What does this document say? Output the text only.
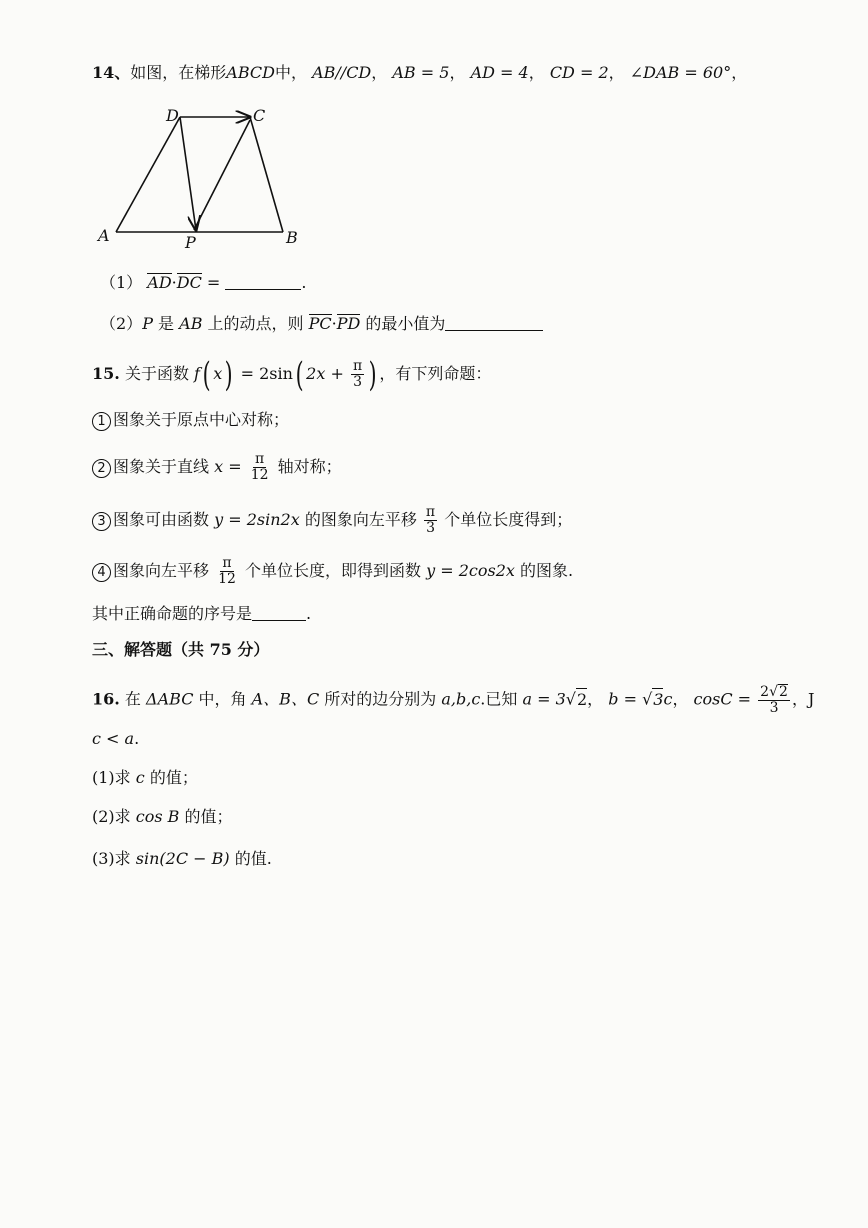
14、如图，在梯形ABCD中， AB//CD， AB = 5， AD = 4， CD = 2， ∠DAB = 60°，
A	B
C
D
P
（1） AD·DC =	.
（2）P 是 AB 上的动点，则 PC·PD 的最小值为
15. 关于函数 f( x) = 2sin( $2x + \frac{\pi}{3}$ ) ，有下列命题：
1 图象关于原点中心对称；
2 图象关于直线 $x = \frac{\pi}{12}$ 轴对称；
3 图象可由函数 y = 2sin2x 的图象向左平移 $\frac{\pi}{3}$ 个单位长度得到；
4 图象向左平移 $\frac{\pi}{12}$ 个单位长度，即得到函数 y = 2cos2x 的图象.
其中正确命题的序号是	.
三、解答题（共 75 分）
16. 在 ΔABC 中，角 A、B、C 所对的边分别为 a,b,c.已知 a = 3√2， b = √3c， $\cos C = \frac{2√2}{3}$ ，J
c < a.
(1)求 c 的值；
(2)求 cos B 的值；
(3)求 sin(2C − B) 的值.
